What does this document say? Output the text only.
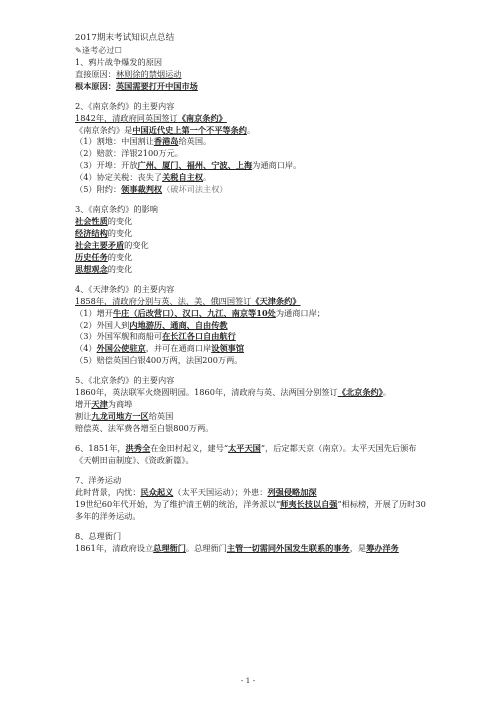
2017期末考试知识点总结

✎逢考必过☐

1、鸦片战争爆发的原因

直接原因：林则徐的禁烟运动

根本原因：英国需要打开中国市场

2、《南京条约》的主要内容

1842年，清政府同英国签订《南京条约》

《南京条约》是中国近代史上第一个不平等条约。

（1）割地：中国割让香港岛给英国。

（2）赔款：洋银2100万元。

（3）开埠：开放广州、厦门、福州、宁波、上海为通商口岸。

（4）协定关税：丧失了关税自主权。

（5）附约：领事裁判权（破坏司法主权）

3、《南京条约》的影响

社会性质的变化

经济结构的变化

社会主要矛盾的变化

历史任务的变化

思想观念的变化

4、《天津条约》的主要内容

1858年，清政府分别与英、法、美、俄四国签订《天津条约》

（1）增开牛庄（后改营口）、汉口、九江、南京等10处为通商口岸；

（2）外国人到内地游历、通商、自由传教

（3）外国军舰和商船可在长江各口自由航行

（4）外国公使驻京，并可在通商口岸设领事馆

（5）赔偿英国白银400万两，法国200万两。

5、《北京条约》的主要内容

1860年，英法联军火烧圆明园。1860年，清政府与英、法两国分别签订《北京条约》。

增开天津为商埠

割让九龙司地方一区给英国

赔偿英、法军费各增至白银800万两。

6、1851年，洪秀全在金田村起义，建号“太平天国”，后定都天京（南京）。太平天国先后颁布《天朝田亩制度》、《资政新篇》。

7、洋务运动

此时背景，内忧：民众起义（太平天国运动）；外患：列强侵略加深

19世纪60年代开始，为了维护清王朝的统治，洋务派以“师夷长技以自强”相标榜，开展了历时30多年的洋务运动。

8、总理衙门

1861年，清政府设立总理衙门。总理衙门主管一切需同外国发生联系的事务，是筹办洋务

- 1 -
